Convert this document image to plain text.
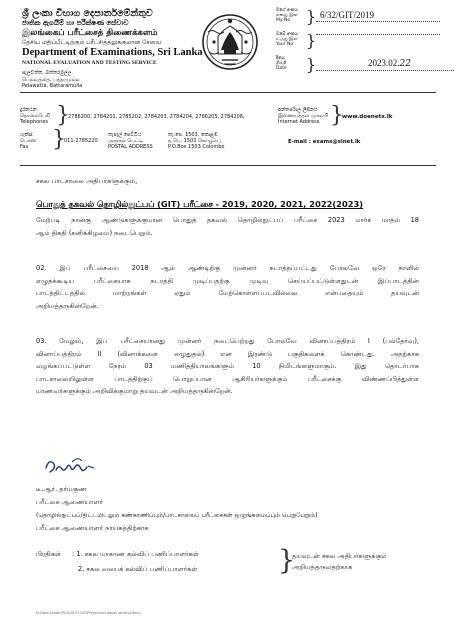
ශ්‍රී ලංකා විභාග දෙපාර්තමේන්තුව
ජාතික ඇගයීම් හා පරීක්ෂණ සේවාව
இலங்கைப் பரீட்சைத் திணைக்களம்
தேசிய மதிப்பீட்டிற்கும் பரீட்சித்தலுக்குமான சேவை
Department of Examinations, Sri Lanka
NATIONAL EVALUATION AND TESTING SERVICE
පැලවත්ත, බත්තරමුල්ල.
பெலவத்தை, பத்தரமுல்ல
Pelawatta, Battaramulla
මගේ අංකය
எனது இல
My No } 6/32/GIT/2019
ඔබේ අංකය
உமது இல
Your No }
දිනය
திகதி
Date	}	2023.02.22
දුරකථන
தொலைபேசி
Telephones }
2786200, 2784201, 2785202, 2784203, 2784204, 2786205, 2784206,
ෆැක්ස්
பெக்ஸ்
Fax	}
011-2785220
තැපැල් පෙට්ටිය
அஞ்சல் பெட்டி
POSTAL ADDRESS
තැ.පෙ. 1503, කොළඹ
த.பெ. 1503 கொழும்பு
P.O.Box 1503 Colombo
අන්තර්ජාල ලිපිනය
இணையத்தள முகவரி
Internet Address }
www.doenets.lk
E-mail : exams@slnet.lk
சகல பாடசாலை அதிபர்களுக்கும்,
பொதுத் தகவல் தொழில்நுட்பப் (GIT) பரீட்சை - 2019, 2020, 2021, 2022(2023)
மேற்படி நான்கு ஆண்டுகளுக்குமான பொதுத் தகவல் தொழில்நுட்பப் பரீட்சை 2023 மார்ச் மாதம் 18
ஆம் திகதி (சனிக்கிழமை) நடைபெறும்.
02. இப் பரீட்சையை 2018 ஆம் ஆண்டிற்கு முன்னர் நடாத்தப்பட்டது போலவே ஒரே நாளில்
எழுதக்கூடிய பரீட்சையாக நடாத்தி முடிப்பதற்கு முடிவு செய்யப்பட்டுள்ளதுடன் இப்பாடத்தின்
பாடத்திட்டத்தில் மாற்றங்கள் ஏதும் மேற்கொள்ளப்படவில்லை என்பதையும் தயவுடன்
அறியத்தருகின்றேன்.
03. மேலும், இப் பரீட்சையானது முன்னர் நடைபெற்றது போலவே வினாப்பத்திரம் I (பல்தேர்வு),
வினாப்பத்திரம் II (வினாக்களை எழுதுதல்) என இரண்டு பகுதிகளைக் கொண்டது. அதற்காக
வழங்கப்பட்டுள்ள நேரம் 03 மணித்தியாலங்களும் 10 நிமிடங்களுமாகும். இது தொடர்பாக
பாடசாலையிலுள்ள பாடத்திற்குப் பொறுப்பான ஆசிரியர்களுக்கும் பரீட்சைக்கு விண்ணப்பித்துள்ள
மாணவர்களுக்கும் அறிவிக்குமாறு தயவுடன் அறியத்தருகின்றேன்.
டீ.ஆர். தர்மகுண
பரீட்சை ஆணையாளர்
(தொழில்நுட்பப்/திட்டமிடலும் கண்காணிப்பும்/பாடசாலைப் பரீட்சைகள் ஒழுங்கமைப்பும் பெறுபேறும்)
பரீட்சை ஆணையாளர் நாயகத்திற்காக
பிரதிகள் : 1. சகல மாகாண கல்விப் பணிப்பாளர்கள்
2. சகல வலயக் கல்விப் பணிப்பாளர்கள்	}
தயவுடன் சகல அதிபர்களுக்கும்
அறியத்தருவதற்காக
D:\New folder\PLA\2023 GIT\Pre\school paper writing.docx
